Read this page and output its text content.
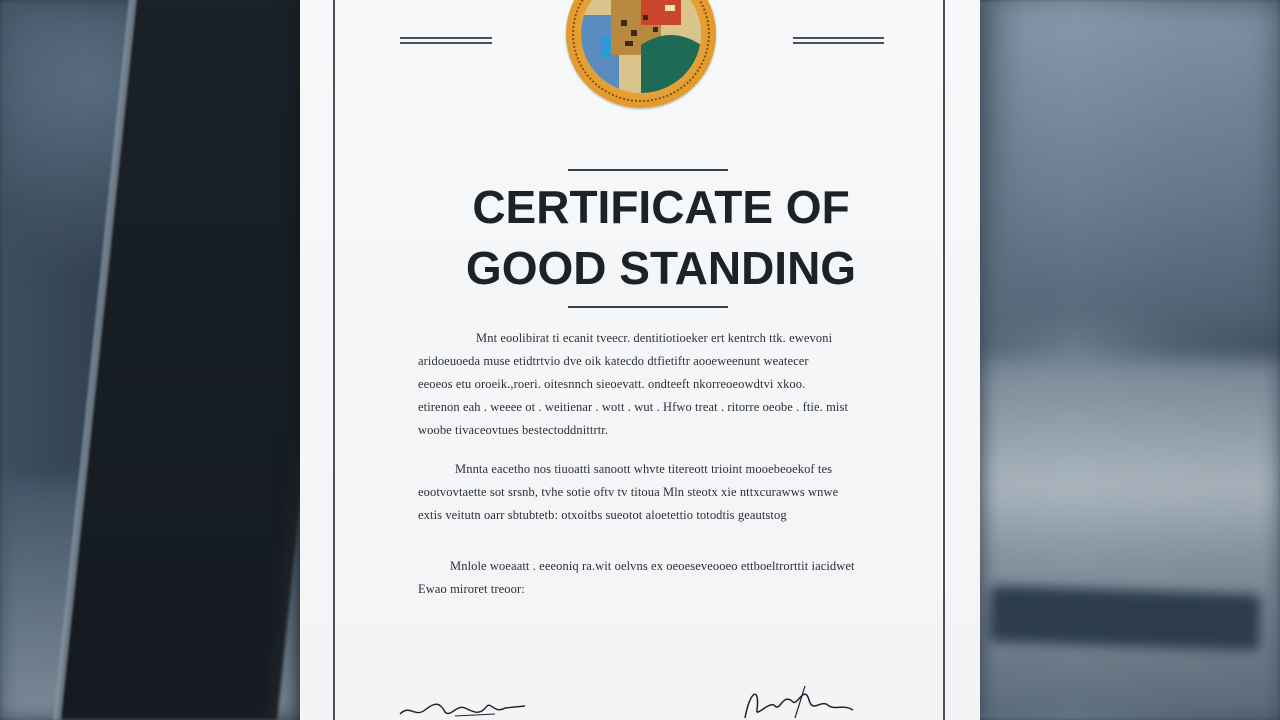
CERTIFICATE OF
GOOD STANDING
Mnt eoolibirat ti ecanit tveecr. dentitiotioeker ert kentrch ttk. ewevoni
aridoeuoeda muse etidtrtvio dve oik katecdo dtfietiftr aooeweenunt weatecer
eeoeos etu oroeik.,roeri. oitesnnch sieoevatt. ondteeft nkorreoeowdtvi xkoo.
etirenon eah . weeee ot . weitienar . wott . wut . Hfwo treat . ritorre oeobe . ftie. mist
woobe tivaceovtues bestectoddnittrtr.
Mnnta eacetho nos tiuoatti sanoott whvte titereott trioint mooebeoekof tes
eootvovtaette sot srsnb, tvhe sotie oftv tv titoua Mln steotx xie nttxcurawws wnwe
extis veitutn oarr sbtubtetb: otxoitbs sueotot aloetettio totodtis geautstog
Mnlole woeaatt . eeeoniq ra.wit oelvns ex oeoeseveooeo ettboeltrorttit iacidwet
Ewao miroret treoor:
